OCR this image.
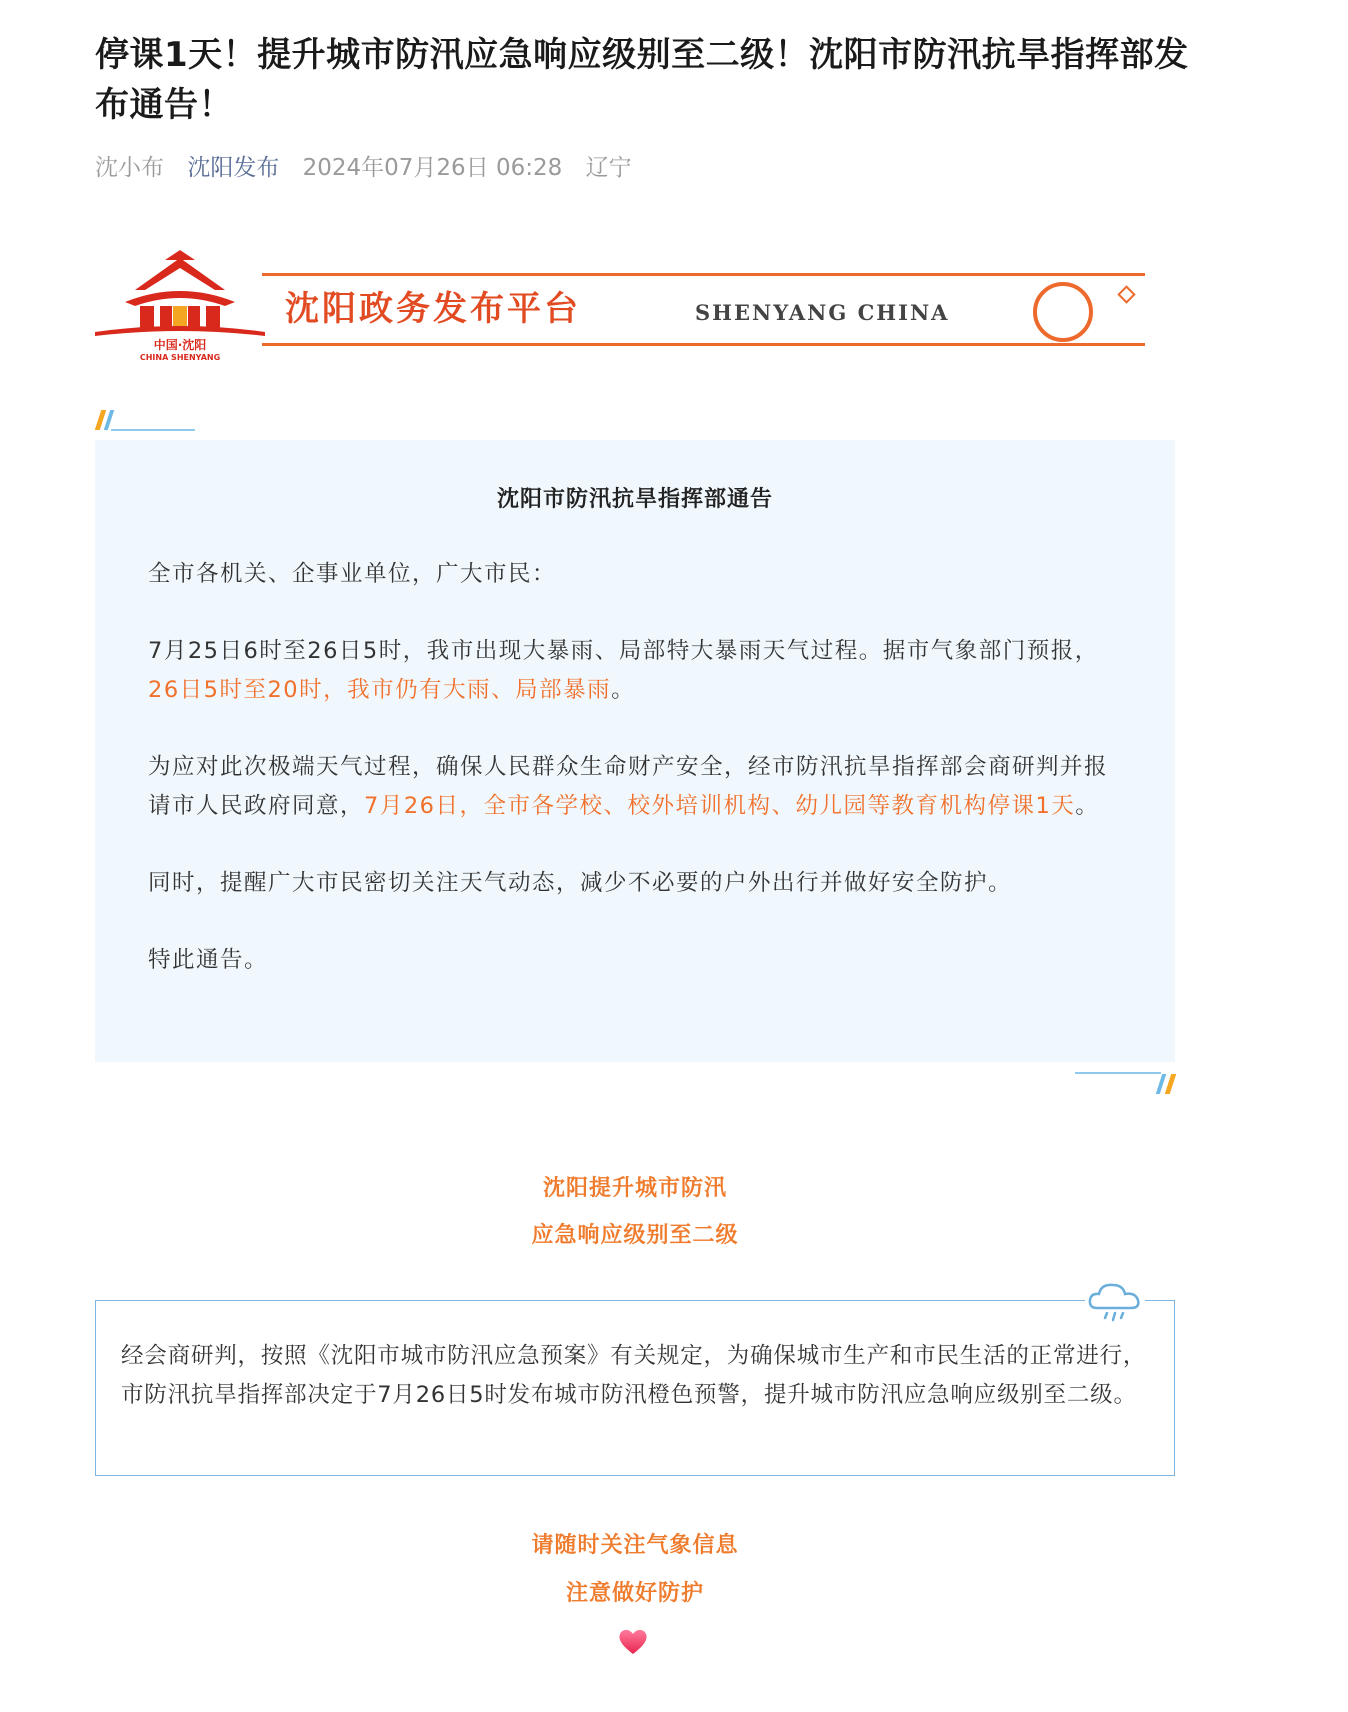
停课1天！提升城市防汛应急响应级别至二级！沈阳市防汛抗旱指挥部发布通告！
沈小布 沈阳发布 2024年07月26日 06:28 辽宁
中国·沈阳
CHINA SHENYANG
沈阳政务发布平台	SHENYANG CHINA
沈阳市防汛抗旱指挥部通告

全市各机关、企事业单位，广大市民：

7月25日6时至26日5时，我市出现大暴雨、局部特大暴雨天气过程。据市气象部门预报，26日5时至20时，我市仍有大雨、局部暴雨。

为应对此次极端天气过程，确保人民群众生命财产安全，经市防汛抗旱指挥部会商研判并报请市人民政府同意，7月26日，全市各学校、校外培训机构、幼儿园等教育机构停课1天。

同时，提醒广大市民密切关注天气动态，减少不必要的户外出行并做好安全防护。

特此通告。

沈阳提升城市防汛
应急响应级别至二级

经会商研判，按照《沈阳市城市防汛应急预案》有关规定，为确保城市生产和市民生活的正常进行，市防汛抗旱指挥部决定于7月26日5时发布城市防汛橙色预警，提升城市防汛应急响应级别至二级。

请随时关注气象信息
注意做好防护
